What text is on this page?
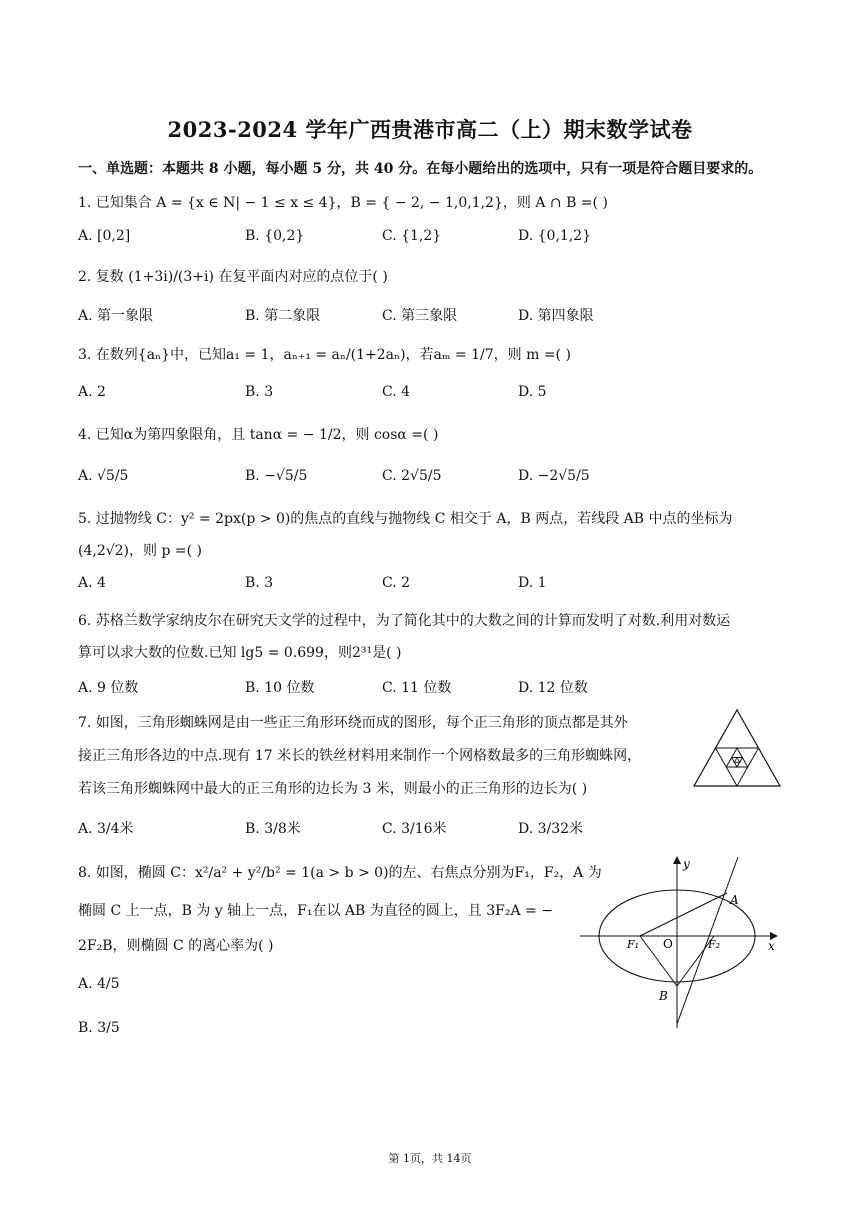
2023-2024 学年广西贵港市高二（上）期末数学试卷
一、单选题：本题共 8 小题，每小题 5 分，共 40 分。在每小题给出的选项中，只有一项是符合题目要求的。
1. 已知集合 A = {x ∈ N| − 1 ≤ x ≤ 4}，B = { − 2, − 1,0,1,2}，则 A ∩ B =( )
A. [0,2]	B. {0,2}	C. {1,2}	D. {0,1,2}
2. 复数 (1+3i)/(3+i) 在复平面内对应的点位于( )
A. 第一象限	B. 第二象限	C. 第三象限	D. 第四象限
3. 在数列{aₙ}中，已知a₁ = 1，aₙ₊₁ = aₙ/(1+2aₙ)，若aₘ = 1/7，则 m =( )
A. 2	B. 3	C. 4	D. 5
4. 已知α为第四象限角，且 tanα = − 1/2，则 cosα =( )
A. √5/5	B. −√5/5	C. 2√5/5	D. −2√5/5
5. 过抛物线 C：y² = 2px(p > 0)的焦点的直线与抛物线 C 相交于 A，B 两点，若线段 AB 中点的坐标为
(4,2√2)，则 p =( )
A. 4	B. 3	C. 2	D. 1
6. 苏格兰数学家纳皮尔在研究天文学的过程中，为了简化其中的大数之间的计算而发明了对数.利用对数运
算可以求大数的位数.已知 lg5 = 0.699，则2³¹是( )
A. 9 位数	B. 10 位数	C. 11 位数	D. 12 位数
7. 如图，三角形蜘蛛网是由一些正三角形环绕而成的图形，每个正三角形的顶点都是其外
接正三角形各边的中点.现有 17 米长的铁丝材料用来制作一个网格数最多的三角形蜘蛛网，
若该三角形蜘蛛网中最大的正三角形的边长为 3 米，则最小的正三角形的边长为( )
A. 3/4米	B. 3/8米	C. 3/16米	D. 3/32米
8. 如图，椭圆 C：x²/a² + y²/b² = 1(a > b > 0)的左、右焦点分别为F₁，F₂，A 为
椭圆 C 上一点，B 为 y 轴上一点，F₁在以 AB 为直径的圆上，且 3F₂A = −
2F₂B，则椭圆 C 的离心率为( )
A. 4/5
B. 3/5
y
x
O
A
B
F₁	F₂
第 1页，共 14页
